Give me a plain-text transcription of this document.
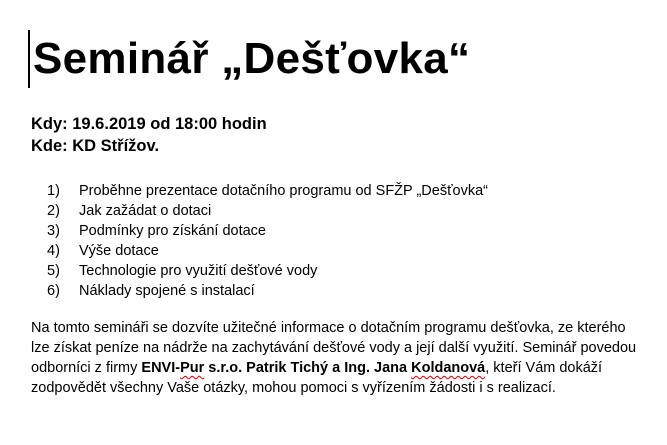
Seminář „Dešťovka“
Kdy: 19.6.2019 od 18:00 hodin
Kde: KD Střížov.
1)	Proběhne prezentace dotačního programu od SFŽP „Dešťovka“
2)	Jak zažádat o dotaci
3)	Podmínky pro získání dotace
4)	Výše dotace
5)	Technologie pro využití dešťové vody
6)	Náklady spojené s instalací
Na tomto semináři se dozvíte užitečné informace o dotačním programu dešťovka, ze kterého
lze získat peníze na nádrže na zachytávání dešťové vody a její další využití. Seminář povedou
odborníci z firmy ENVI-Pur s.r.o. Patrik Tichý a Ing. Jana Koldanová, kteří Vám dokáží
zodpovědět všechny Vaše otázky, mohou pomoci s vyřízením žádosti i s realizací.
